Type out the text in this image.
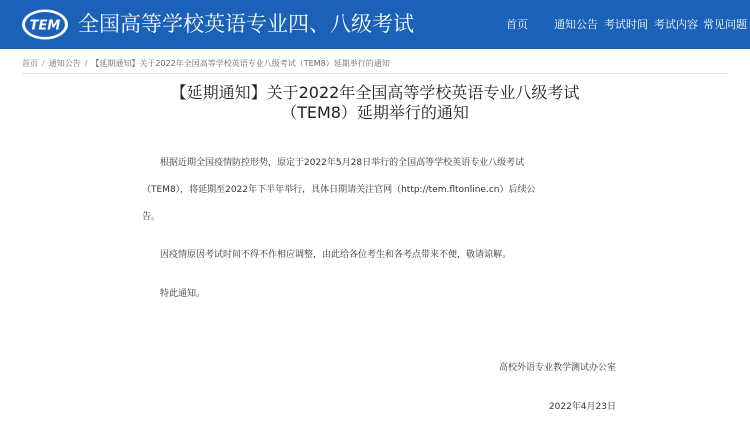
TEM 全国高等学校英语专业四、八级考试	首页 通知公告 考试时间 考试内容 常见问题
首页 / 通知公告 / 【延期通知】关于2022年全国高等学校英语专业八级考试（TEM8）延期举行的通知
【延期通知】关于2022年全国高等学校英语专业八级考试
（TEM8）延期举行的通知
根据近期全国疫情防控形势，原定于2022年5月28日举行的全国高等学校英语专业八级考试
（TEM8），将延期至2022年下半年举行，具体日期请关注官网（http://tem.fltonline.cn）后续公
告。
因疫情原因考试时间不得不作相应调整，由此给各位考生和各考点带来不便，敬请谅解。
特此通知。
高校外语专业教学测试办公室
2022年4月23日
